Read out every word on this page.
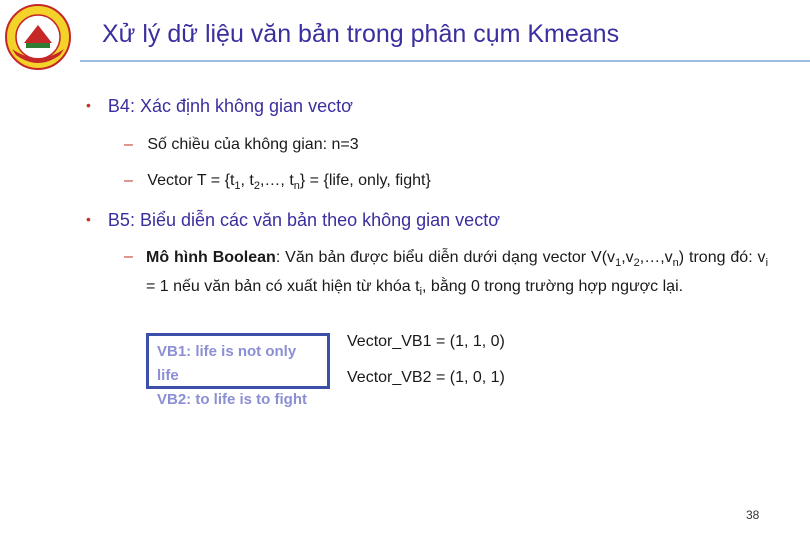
Xử lý dữ liệu văn bản trong phân cụm Kmeans
• B4: Xác định không gian vectơ
– Số chiều của không gian: n=3
– Vector $T = \{t_1$, $t_2,\dots$, $t_n$} = {life, only, fight}
• B5: Biểu diễn các văn bản theo không gian vectơ
– Mô hình Boolean: Văn bản được biểu diễn dưới dạng vector $V(v_1,v_2,\dots,v_n)$ trong đó: $v_i = 1$ nếu văn bản có xuất hiện từ khóa $t_i$, bằng 0 trong trường hợp ngược lại.
VB1: life is not only life
VB2: to life is to fight
Vector_VB1 = (1, 1, 0)
Vector_VB2 = (1, 0, 1)
38
